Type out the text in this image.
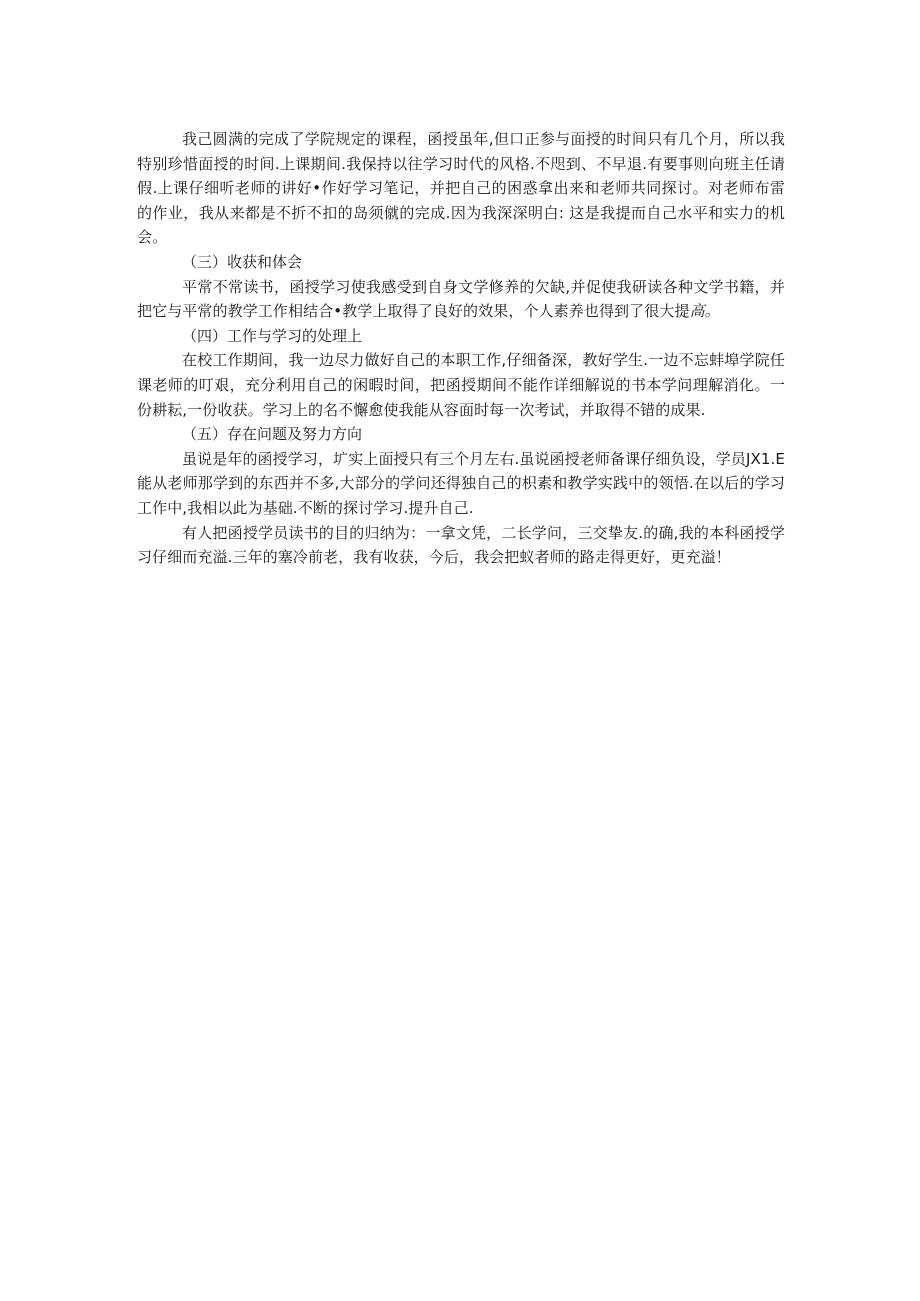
我己圆满的完成了学院规定的课程，函授虽年,但口正参与面授的时间只有几个月，所以我特别珍惜面授的时间.上课期间.我保持以往学习时代的风格.不咫到、不早退.有要事则向班主任请假.上课仔细听老师的讲好•作好学习笔记，并把自己的困惑拿出来和老师共同探讨。对老师布雷的作业，我从来都是不折不扣的岛须僦的完成.因为我深深明白: 这是我提而自己水平和实力的机会。

（三）收获和体会

平常不常读书，函授学习使我感受到自身文学修养的欠缺,并促使我研读各种文学书籍，并把它与平常的教学工作相结合•教学上取得了良好的效果，个人素养也得到了很大提高。

（四）工作与学习的处理上

在校工作期间，我一边尽力做好自己的本职工作,仔细备深，教好学生.一边不忘蚌埠学院任课老师的叮艰，充分利用自己的闲暇时间，把函授期间不能作详细解说的书本学问理解消化。一份耕耘,一份收获。学习上的名不懈愈使我能从容面时每一次考试，并取得不错的成果.

（五）存在问题及努力方向

虽说是年的函授学习，圹实上面授只有三个月左右.虽说函授老师备课仔细负设，学员JX1.E能从老师那学到的东西并不多,大部分的学问还得独自己的枳素和教学实践中的领悟.在以后的学习工作中,我相以此为基础.不断的探讨学习.提升自己.

有人把函授学员读书的目的归纳为：一拿文凭，二长学问，三交挚友.的确,我的本科函授学习仔细而充溢.三年的塞冷前老，我有收获，今后，我会把蚁者师的路走得更好，更充溢！
